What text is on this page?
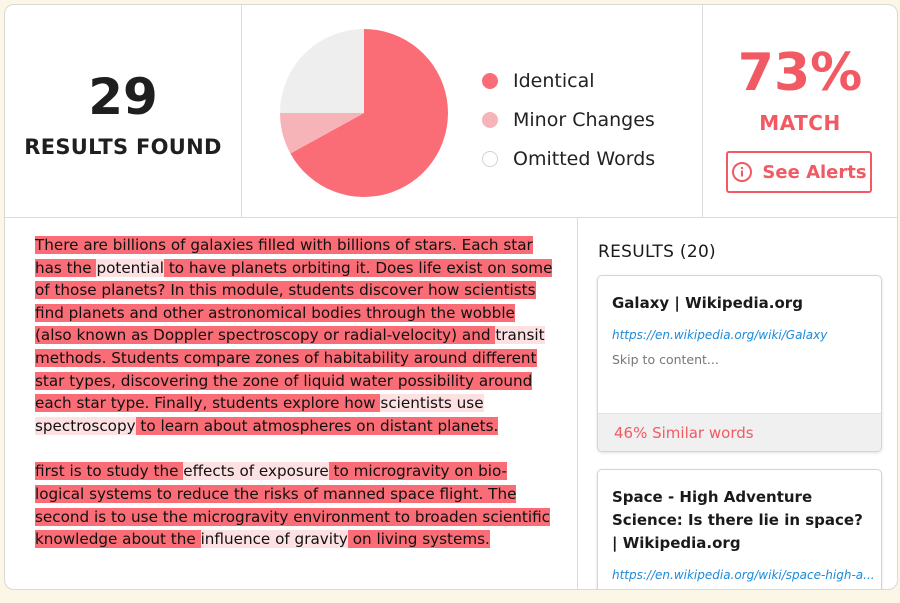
29
RESULTS FOUND
Identical
Minor Changes
Omitted Words
73%
MATCH
See Alerts

There are billions of galaxies filled with billions of stars. Each star has the potential to have planets orbiting it. Does life exist on some of those planets? In this module, students discover how scientists find planets and other astronomical bodies through the wobble (also known as Doppler spectroscopy or radial-velocity) and transit methods. Students compare zones of habitability around different star types, discovering the zone of liquid water possibility around each star type. Finally, students explore how scientists use spectroscopy to learn about atmospheres on distant planets.

first is to study the effects of exposure to microgravity on bio-logical systems to reduce the risks of manned space flight. The second is to use the microgravity environment to broaden scientific knowledge about the influence of gravity on living systems.

RESULTS (20)
Galaxy | Wikipedia.org
https://en.wikipedia.org/wiki/Galaxy
Skip to content...
46% Similar words
Space - High Adventure Science: Is there lie in space? | Wikipedia.org
https://en.wikipedia.org/wiki/space-high-a...
